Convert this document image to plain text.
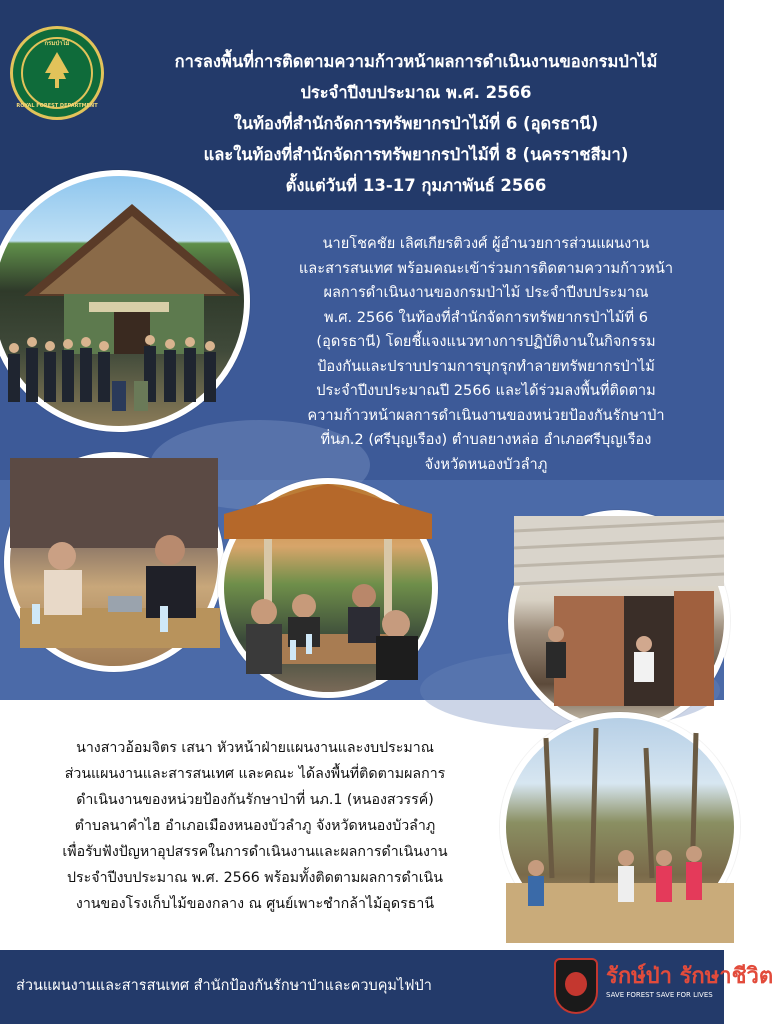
กรมป่าไม้
ROYAL FOREST DEPARTMENT
การลงพื้นที่การติดตามความก้าวหน้าผลการดำเนินงานของกรมป่าไม้
ประจำปีงบประมาณ พ.ศ. 2566
ในท้องที่สำนักจัดการทรัพยากรป่าไม้ที่ 6 (อุดรธานี)
และในท้องที่สำนักจัดการทรัพยากรป่าไม้ที่ 8 (นครราชสีมา)
ตั้งแต่วันที่ 13-17 กุมภาพันธ์ 2566
นายโชคชัย เลิศเกียรติวงศ์ ผู้อำนวยการส่วนแผนงาน
และสารสนเทศ พร้อมคณะเข้าร่วมการติดตามความก้าวหน้า
ผลการดำเนินงานของกรมป่าไม้ ประจำปีงบประมาณ
พ.ศ. 2566 ในท้องที่สำนักจัดการทรัพยากรป่าไม้ที่ 6
(อุดรธานี) โดยชี้แจงแนวทางการปฏิบัติงานในกิจกรรม
ป้องกันและปราบปรามการบุกรุกทำลายทรัพยากรป่าไม้
ประจำปีงบประมาณปี 2566 และได้ร่วมลงพื้นที่ติดตาม
ความก้าวหน้าผลการดำเนินงานของหน่วยป้องกันรักษาป่า
ที่นภ.2 (ศรีบุญเรือง) ตำบลยางหล่อ อำเภอศรีบุญเรือง
จังหวัดหนองบัวลำภู
นางสาวอ้อมจิตร เสนา หัวหน้าฝ่ายแผนงานและงบประมาณ
ส่วนแผนงานและสารสนเทศ และคณะ ได้ลงพื้นที่ติดตามผลการ
ดำเนินงานของหน่วยป้องกันรักษาป่าที่ นภ.1 (หนองสวรรค์)
ตำบลนาคำไฮ อำเภอเมืองหนองบัวลำภู จังหวัดหนองบัวลำภู
เพื่อรับฟังปัญหาอุปสรรคในการดำเนินงานและผลการดำเนินงาน
ประจำปีงบประมาณ พ.ศ. 2566 พร้อมทั้งติดตามผลการดำเนิน
งานของโรงเก็บไม้ของกลาง ณ ศูนย์เพาะชำกล้าไม้อุดรธานี
ส่วนแผนงานและสารสนเทศ สำนักป้องกันรักษาป่าและควบคุมไฟป่า	รักษ์ป่า รักษาชีวิต
SAVE FOREST SAVE FOR LIVES
